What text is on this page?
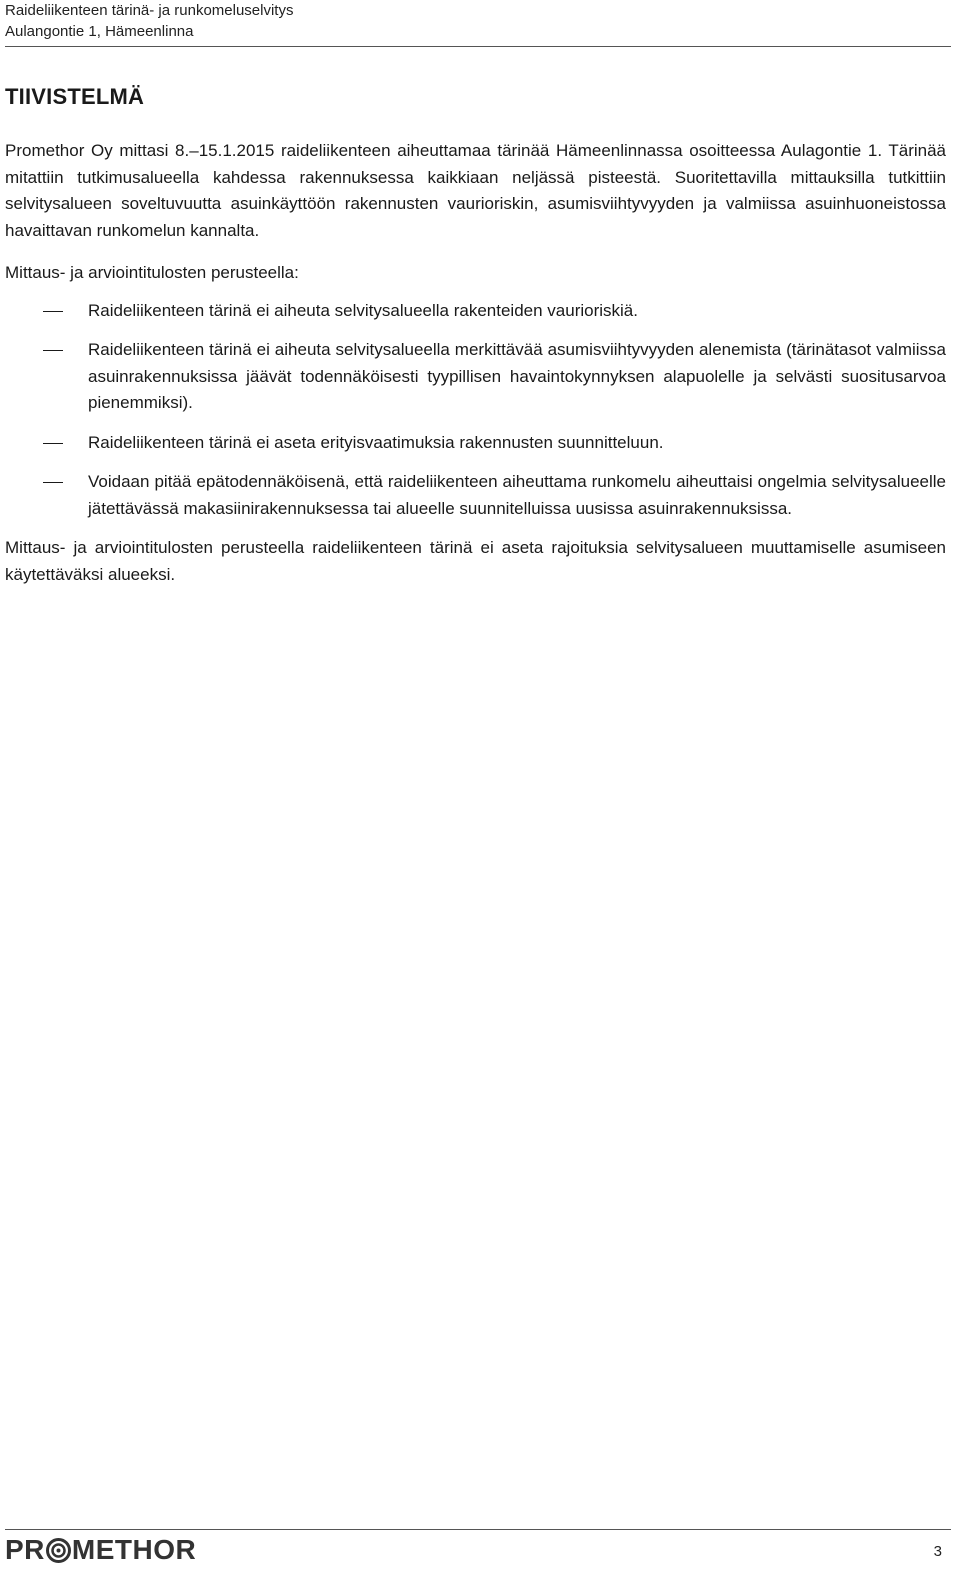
Raideliikenteen tärinä- ja runkomeluselvitys
Aulangontie 1, Hämeenlinna
TIIVISTELMÄ

Promethor Oy mittasi 8.–15.1.2015 raideliikenteen aiheuttamaa tärinää Hämeenlinnassa osoitteessa Aulagontie 1. Tärinää mitattiin tutkimusalueella kahdessa rakennuksessa kaikkiaan neljässä pisteestä. Suoritettavilla mittauksilla tutkittiin selvitysalueen soveltuvuutta asuinkäyttöön rakennusten vaurioriskin, asumisviihtyvyyden ja valmiissa asuinhuoneistossa havaittavan runkomelun kannalta.

Mittaus- ja arviointitulosten perusteella:

Raideliikenteen tärinä ei aiheuta selvitysalueella rakenteiden vaurioriskiä.
Raideliikenteen tärinä ei aiheuta selvitysalueella merkittävää asumisviihtyvyyden alenemista (tärinätasot valmiissa asuinrakennuksissa jäävät todennäköisesti tyypillisen havaintokynnyksen alapuolelle ja selvästi suositusarvoa pienemmiksi).
Raideliikenteen tärinä ei aseta erityisvaatimuksia rakennusten suunnitteluun.
Voidaan pitää epätodennäköisenä, että raideliikenteen aiheuttama runkomelu aiheuttaisi ongelmia selvitysalueelle jätettävässä makasiinirakennuksessa tai alueelle suunnitelluissa uusissa asuinrakennuksissa.

Mittaus- ja arviointitulosten perusteella raideliikenteen tärinä ei aseta rajoituksia selvitysalueen muuttamiselle asumiseen käytettäväksi alueeksi.

PR METHOR	3
